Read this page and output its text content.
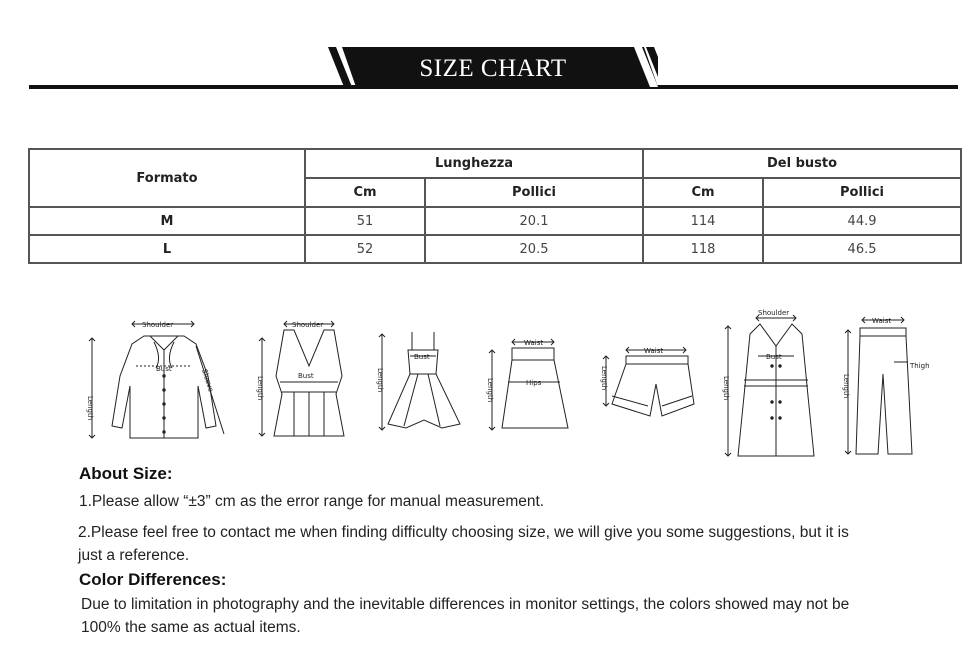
SIZE CHART
Formato	Lunghezza		Del busto	
	Cm	Pollici	Cm	Pollici
M	51	20.1	114	44.9
L	52	20.5	118	46.5
Shoulder
Bust
Length
Sleeve
Shoulder
Bust
Length
Bust
Length
Waist
Hips
Length
Waist
Length
Shoulder
Bust
Length
Waist
Thigh
Length
About Size:
1.Please allow “±3” cm as the error range for manual measurement.
2.Please feel free to contact me when finding difficulty choosing size, we will give you some suggestions, but it is
just a reference.
Color Differences:
Due to limitation in photography and the inevitable differences in monitor settings, the colors showed may not be
100% the same as actual items.
